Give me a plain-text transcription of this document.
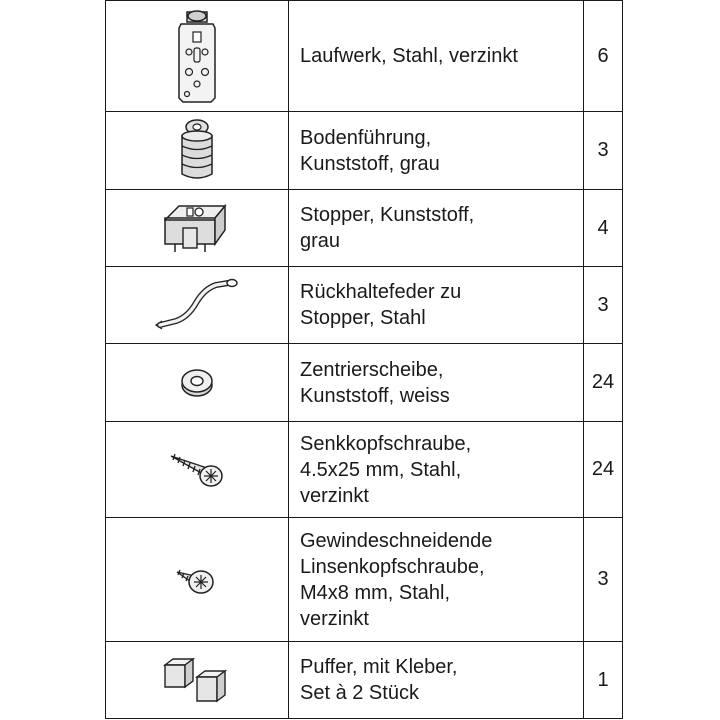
Laufwerk, Stahl, verzinkt	6

Bodenführung,
Kunststoff, grau	3

Stopper, Kunststoff,
grau	4

Rückhaltefeder zu
Stopper, Stahl	3

Zentrierscheibe,
Kunststoff, weiss	24

Senkkopfschraube,
4.5x25 mm, Stahl,
verzinkt	24

Gewindeschneidende
Linsenkopfschraube,
M4x8 mm, Stahl,
verzinkt	3

Puffer, mit Kleber,
Set à 2 Stück	1
